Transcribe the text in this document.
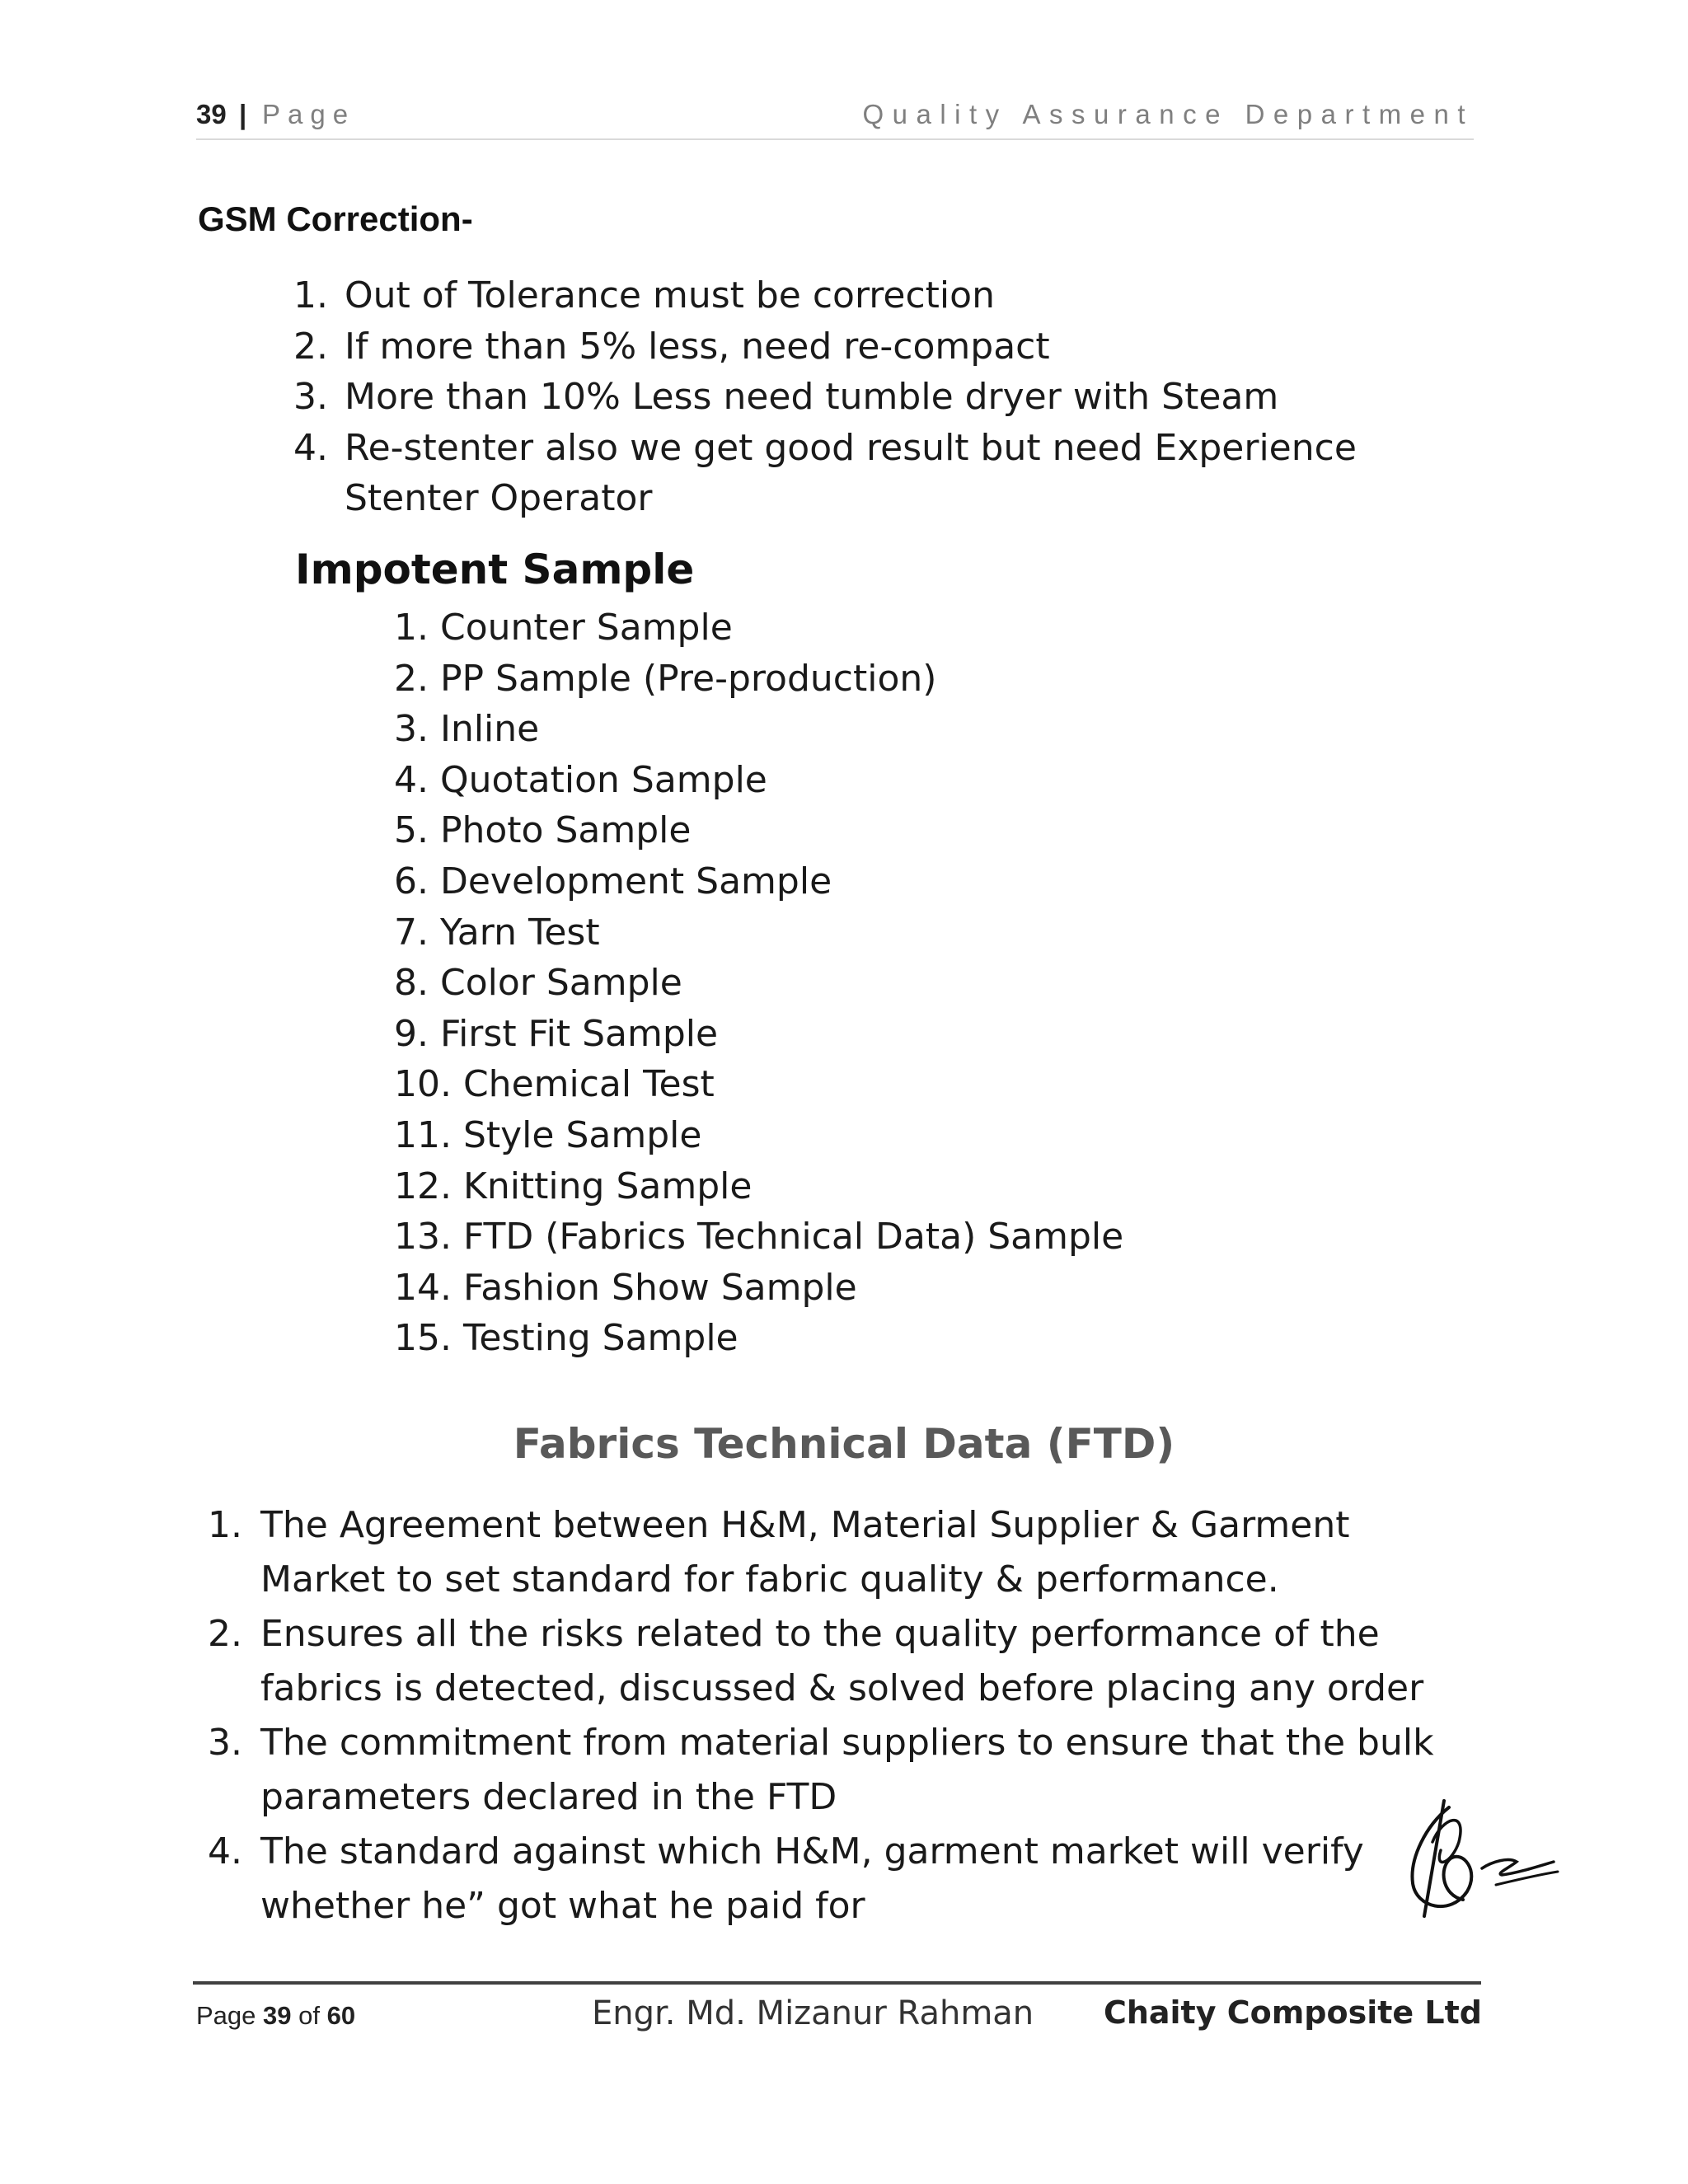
39 | Page	Quality Assurance Department
GSM Correction-
1. Out of Tolerance must be correction
2. If more than 5% less, need re-compact
3. More than 10% Less need tumble dryer with Steam
4. Re-stenter also we get good result but need Experience Stenter Operator
Impotent Sample
1. Counter Sample
2. PP Sample (Pre-production)
3. Inline
4. Quotation Sample
5. Photo Sample
6. Development Sample
7. Yarn Test
8. Color Sample
9. First Fit Sample
10. Chemical Test
11. Style Sample
12. Knitting Sample
13. FTD (Fabrics Technical Data) Sample
14. Fashion Show Sample
15. Testing Sample
Fabrics Technical Data (FTD)
1. The Agreement between H&M, Material Supplier & Garment Market to set standard for fabric quality & performance.
2. Ensures all the risks related to the quality performance of the fabrics is detected, discussed & solved before placing any order
3. The commitment from material suppliers to ensure that the bulk parameters declared in the FTD
4. The standard against which H&M, garment market will verify whether he” got what he paid for
Page 39 of 60	Engr. Md. Mizanur Rahman Chaity Composite Ltd
